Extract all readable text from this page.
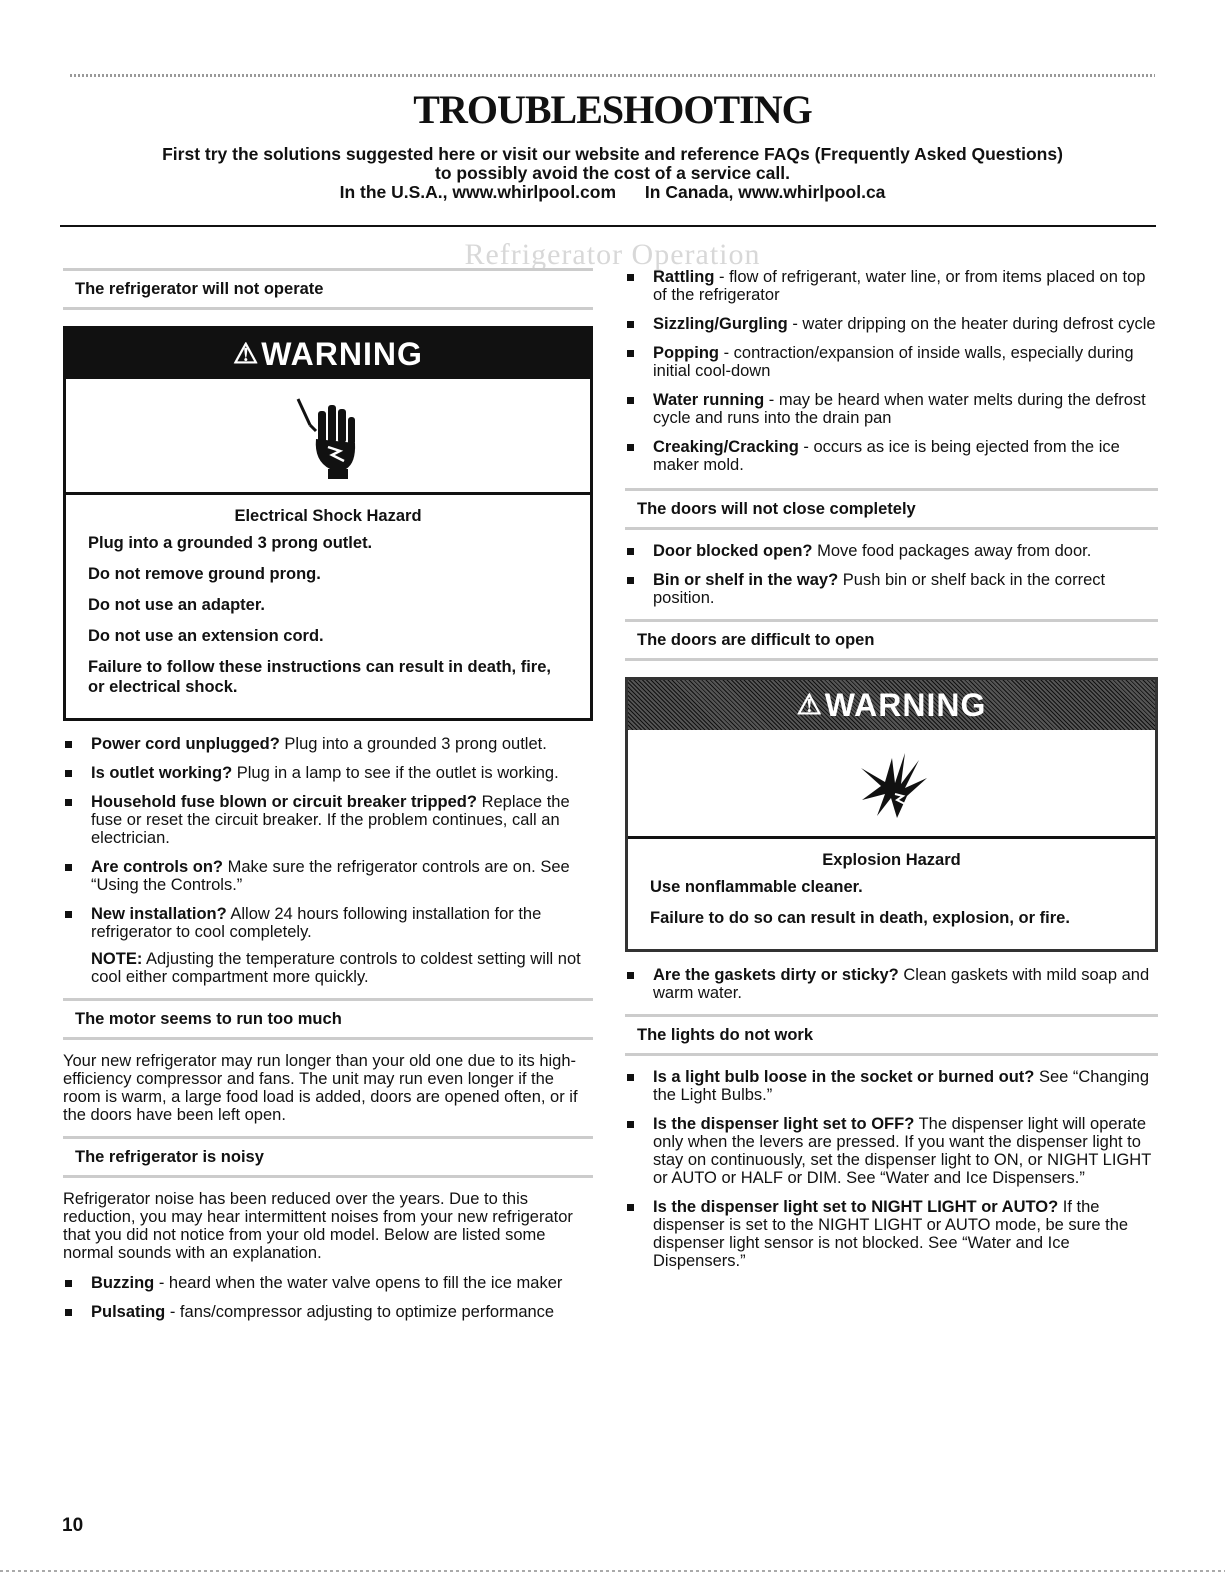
TROUBLESHOOTING
First try the solutions suggested here or visit our website and reference FAQs (Frequently Asked Questions)
to possibly avoid the cost of a service call.
In the U.S.A., www.whirlpool.com In Canada, www.whirlpool.ca
Refrigerator Operation
The refrigerator will not operate
⚠ WARNING
Electrical Shock Hazard
Plug into a grounded 3 prong outlet.
Do not remove ground prong.
Do not use an adapter.
Do not use an extension cord.
Failure to follow these instructions can result in death, fire, or electrical shock.
Power cord unplugged? Plug into a grounded 3 prong outlet.
Is outlet working? Plug in a lamp to see if the outlet is working.
Household fuse blown or circuit breaker tripped? Replace the fuse or reset the circuit breaker. If the problem continues, call an electrician.
Are controls on? Make sure the refrigerator controls are on. See “Using the Controls.”
New installation? Allow 24 hours following installation for the refrigerator to cool completely.
NOTE: Adjusting the temperature controls to coldest setting will not cool either compartment more quickly.
The motor seems to run too much
Your new refrigerator may run longer than your old one due to its high-efficiency compressor and fans. The unit may run even longer if the room is warm, a large food load is added, doors are opened often, or if the doors have been left open.
The refrigerator is noisy
Refrigerator noise has been reduced over the years. Due to this reduction, you may hear intermittent noises from your new refrigerator that you did not notice from your old model. Below are listed some normal sounds with an explanation.
Buzzing - heard when the water valve opens to fill the ice maker
Pulsating - fans/compressor adjusting to optimize performance
Rattling - flow of refrigerant, water line, or from items placed on top of the refrigerator
Sizzling/Gurgling - water dripping on the heater during defrost cycle
Popping - contraction/expansion of inside walls, especially during initial cool-down
Water running - may be heard when water melts during the defrost cycle and runs into the drain pan
Creaking/Cracking - occurs as ice is being ejected from the ice maker mold.
The doors will not close completely
Door blocked open? Move food packages away from door.
Bin or shelf in the way? Push bin or shelf back in the correct position.
The doors are difficult to open
⚠ WARNING
Explosion Hazard
Use nonflammable cleaner.
Failure to do so can result in death, explosion, or fire.
Are the gaskets dirty or sticky? Clean gaskets with mild soap and warm water.
The lights do not work
Is a light bulb loose in the socket or burned out? See “Changing the Light Bulbs.”
Is the dispenser light set to OFF? The dispenser light will operate only when the levers are pressed. If you want the dispenser light to stay on continuously, set the dispenser light to ON, or NIGHT LIGHT or AUTO or HALF or DIM. See “Water and Ice Dispensers.”
Is the dispenser light set to NIGHT LIGHT or AUTO? If the dispenser is set to the NIGHT LIGHT or AUTO mode, be sure the dispenser light sensor is not blocked. See “Water and Ice Dispensers.”
10
